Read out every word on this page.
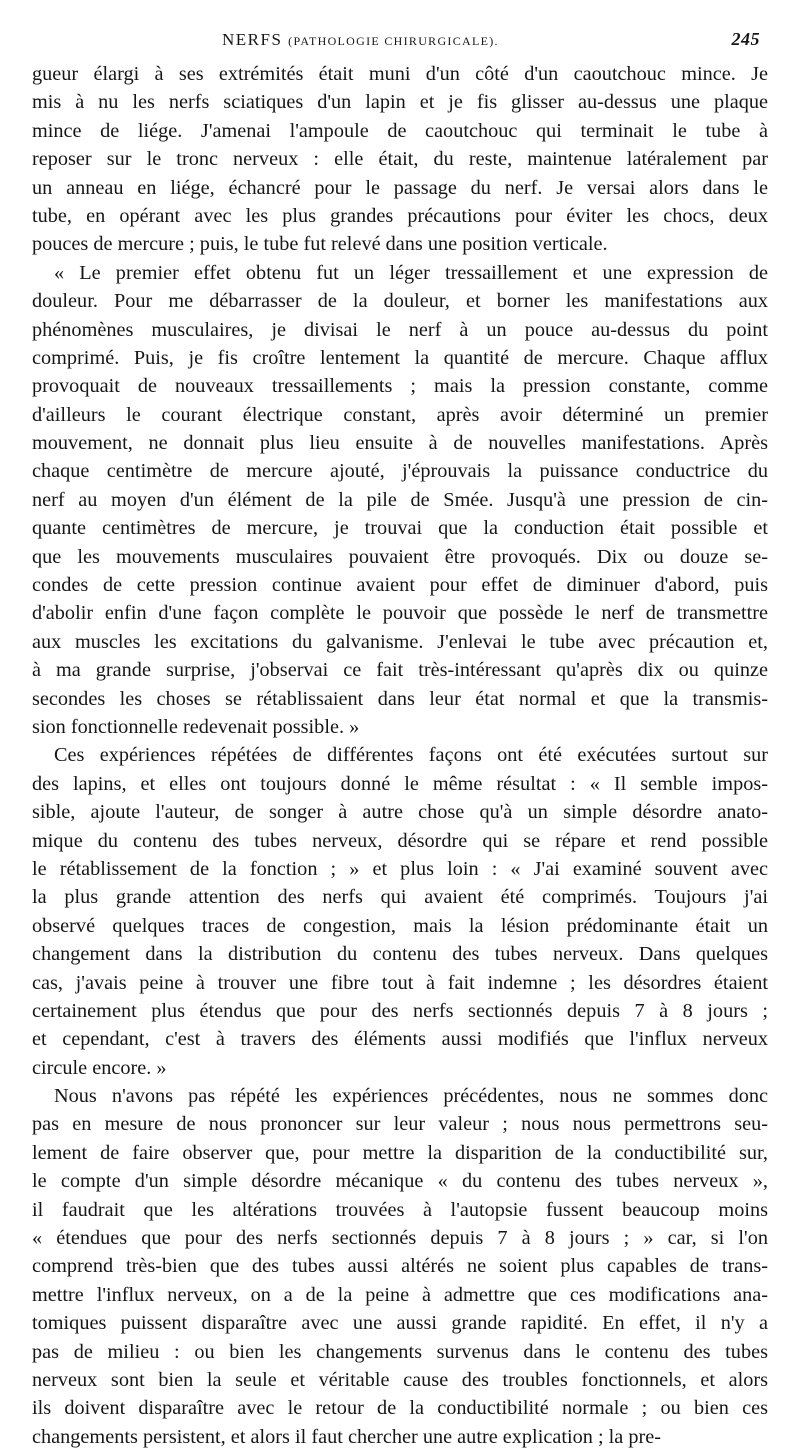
NERFS (PATHOLOGIE CHIRURGICALE).	245
gueur élargi à ses extrémités était muni d'un côté d'un caoutchouc mince. Je
mis à nu les nerfs sciatiques d'un lapin et je fis glisser au-dessus une plaque
mince de liége. J'amenai l'ampoule de caoutchouc qui terminait le tube à
reposer sur le tronc nerveux : elle était, du reste, maintenue latéralement par
un anneau en liége, échancré pour le passage du nerf. Je versai alors dans le
tube, en opérant avec les plus grandes précautions pour éviter les chocs, deux
pouces de mercure ; puis, le tube fut relevé dans une position verticale.
« Le premier effet obtenu fut un léger tressaillement et une expression de
douleur. Pour me débarrasser de la douleur, et borner les manifestations aux
phénomènes musculaires, je divisai le nerf à un pouce au-dessus du point
comprimé. Puis, je fis croître lentement la quantité de mercure. Chaque afflux
provoquait de nouveaux tressaillements ; mais la pression constante, comme
d'ailleurs le courant électrique constant, après avoir déterminé un premier
mouvement, ne donnait plus lieu ensuite à de nouvelles manifestations. Après
chaque centimètre de mercure ajouté, j'éprouvais la puissance conductrice du
nerf au moyen d'un élément de la pile de Smée. Jusqu'à une pression de cin-
quante centimètres de mercure, je trouvai que la conduction était possible et
que les mouvements musculaires pouvaient être provoqués. Dix ou douze se-
condes de cette pression continue avaient pour effet de diminuer d'abord, puis
d'abolir enfin d'une façon complète le pouvoir que possède le nerf de transmettre
aux muscles les excitations du galvanisme. J'enlevai le tube avec précaution et,
à ma grande surprise, j'observai ce fait très-intéressant qu'après dix ou quinze
secondes les choses se rétablissaient dans leur état normal et que la transmis-
sion fonctionnelle redevenait possible. »
Ces expériences répétées de différentes façons ont été exécutées surtout sur
des lapins, et elles ont toujours donné le même résultat : « Il semble impos-
sible, ajoute l'auteur, de songer à autre chose qu'à un simple désordre anato-
mique du contenu des tubes nerveux, désordre qui se répare et rend possible
le rétablissement de la fonction ; » et plus loin : « J'ai examiné souvent avec
la plus grande attention des nerfs qui avaient été comprimés. Toujours j'ai
observé quelques traces de congestion, mais la lésion prédominante était un
changement dans la distribution du contenu des tubes nerveux. Dans quelques
cas, j'avais peine à trouver une fibre tout à fait indemne ; les désordres étaient
certainement plus étendus que pour des nerfs sectionnés depuis 7 à 8 jours ;
et cependant, c'est à travers des éléments aussi modifiés que l'influx nerveux
circule encore. »
Nous n'avons pas répété les expériences précédentes, nous ne sommes donc
pas en mesure de nous prononcer sur leur valeur ; nous nous permettrons seu-
lement de faire observer que, pour mettre la disparition de la conductibilité sur,
le compte d'un simple désordre mécanique « du contenu des tubes nerveux »,
il faudrait que les altérations trouvées à l'autopsie fussent beaucoup moins
« étendues que pour des nerfs sectionnés depuis 7 à 8 jours ; » car, si l'on
comprend très-bien que des tubes aussi altérés ne soient plus capables de trans-
mettre l'influx nerveux, on a de la peine à admettre que ces modifications ana-
tomiques puissent disparaître avec une aussi grande rapidité. En effet, il n'y a
pas de milieu : ou bien les changements survenus dans le contenu des tubes
nerveux sont bien la seule et véritable cause des troubles fonctionnels, et alors
ils doivent disparaître avec le retour de la conductibilité normale ; ou bien ces
changements persistent, et alors il faut chercher une autre explication ; la pre-
